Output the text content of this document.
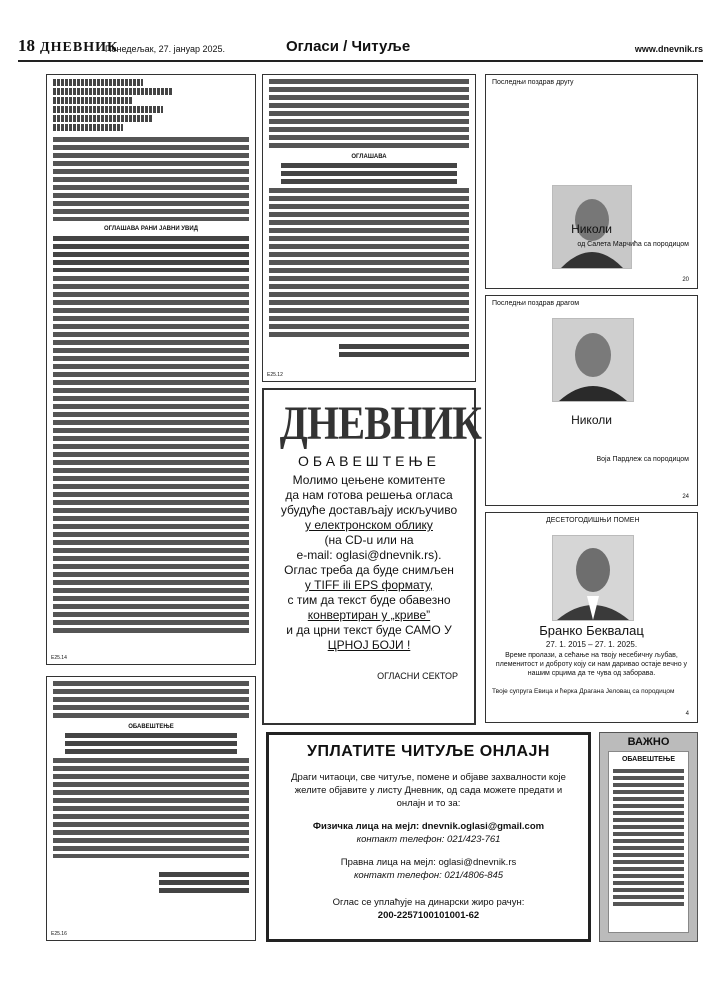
18 ДНЕВНИК
Понедељак, 27. јануар 2025.	Огласи / Читуље	www.dnevnik.rs
ОГЛАШАВА РАНИ ЈАВНИ УВИД
Е25.14
ОГЛАШАВА
Е25.12
ДНЕВНИК
ОБАВЕШТЕЊЕ
Молимо цењене комитенте
да нам готова решења огласа
убудуће достављају искључиво
у електронском облику
(на CD-u или на
e-mail: oglasi@dnevnik.rs).
Оглас треба да буде снимљен
у TIFF ili EPS формату,
с тим да текст буде обавезно
конвертиран у „криве”
и да црни текст буде САМО У
ЦРНОЈ БОЈИ !
ОГЛАСНИ СЕКТОР
Последњи поздрав другу
Николи
од Салета Марчића са породицом
20
Последњи поздрав драгом
Николи
Воја Пардлеж са породицом
24
ДЕСЕТОГОДИШЊИ ПОМЕН
Бранко Беквалац
27. 1. 2015 – 27. 1. 2025.
Време пролази, а сећање на твоју несебичну љубав, племенитост и доброту коју си нам даривао остаје вечно у нашим срцима да те чува од заборава.
Твоје супруга Евица и ћерка Драгана Јеловац са породицом
4
ОБАВЕШТЕЊЕ
Е25.16
УПЛАТИТЕ ЧИТУЉЕ ОНЛАЈН
Драги читаоци, све читуље, помене и објаве захвалности које желите објавите у листу Дневник, од сада можете предати и онлајн и то за:
Физичка лица на мејл: dnevnik.oglasi@gmail.com
контакт телефон: 021/423-761
Правна лица на мејл: oglasi@dnevnik.rs
контакт телефон: 021/4806-845
Оглас се уплаћује на динарски жиро рачун:
200-2257100101001-62
ВАЖНО
ОБАВЕШТЕЊЕ
